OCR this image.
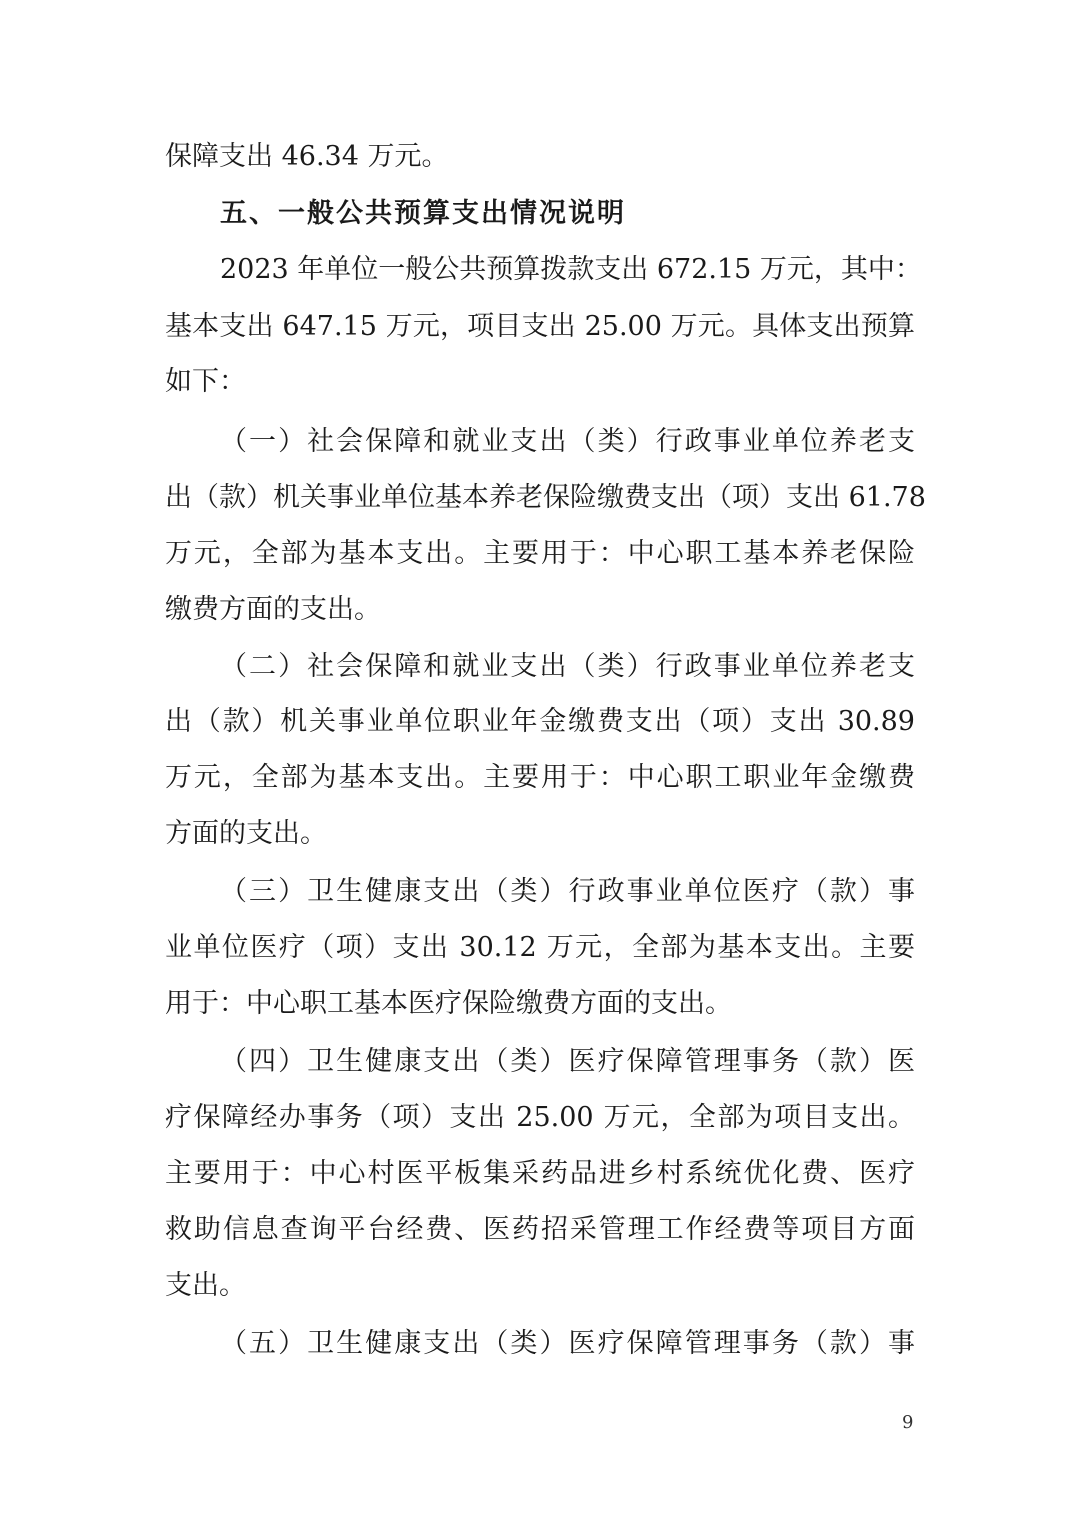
保障支出 46.34 万元。
五、一般公共预算支出情况说明
2023 年单位一般公共预算拨款支出 672.15 万元，其中：
基本支出 647.15 万元，项目支出 25.00 万元。具体支出预算
如下：
（一）社会保障和就业支出（类）行政事业单位养老支
出（款）机关事业单位基本养老保险缴费支出（项）支出 61.78
万元，全部为基本支出。主要用于：中心职工基本养老保险
缴费方面的支出。
（二）社会保障和就业支出（类）行政事业单位养老支
出（款）机关事业单位职业年金缴费支出（项）支出 30.89
万元，全部为基本支出。主要用于：中心职工职业年金缴费
方面的支出。
（三）卫生健康支出（类）行政事业单位医疗（款）事
业单位医疗（项）支出 30.12 万元，全部为基本支出。主要
用于：中心职工基本医疗保险缴费方面的支出。
（四）卫生健康支出（类）医疗保障管理事务（款）医
疗保障经办事务（项）支出 25.00 万元，全部为项目支出。
主要用于：中心村医平板集采药品进乡村系统优化费、医疗
救助信息查询平台经费、医药招采管理工作经费等项目方面
支出。
（五）卫生健康支出（类）医疗保障管理事务（款）事
9
